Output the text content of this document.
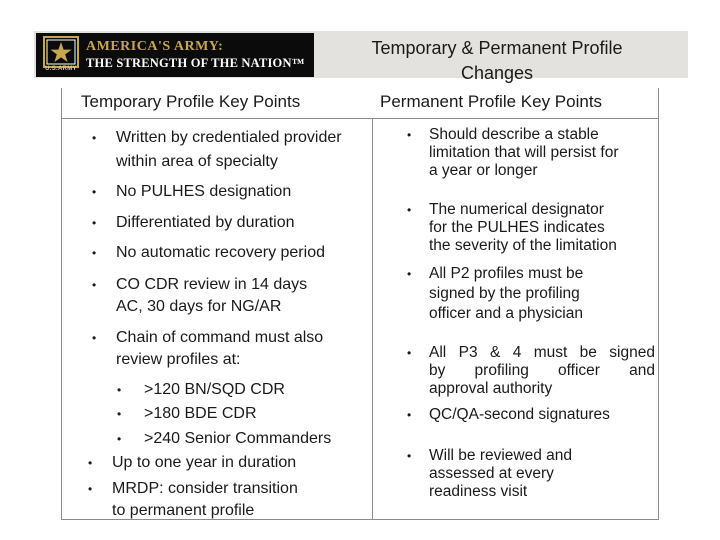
U.S.ARMY
AMERICA'S ARMY:
THE STRENGTH OF THE NATION™
Temporary & Permanent Profile
Changes
Temporary Profile Key Points	Permanent Profile Key Points
• Written by credentialed provider
within area of specialty
• No PULHES designation
• Differentiated by duration
• No automatic recovery period
• CO CDR review in 14 days
AC, 30 days for NG/AR
• Chain of command must also
review profiles at:
• >120 BN/SQD CDR
• >180 BDE CDR
• >240 Senior Commanders
• Up to one year in duration
• MRDP: consider transition
to permanent profile
• Should describe a stable
limitation that will persist for
a year or longer
• The numerical designator
for the PULHES indicates
the severity of the limitation
• All P2 profiles must be
signed by the profiling
officer and a physician
• All P3 & 4 must be signed
by profiling officer and
approval authority
• QC/QA-second signatures
• Will be reviewed and
assessed at every
readiness visit
